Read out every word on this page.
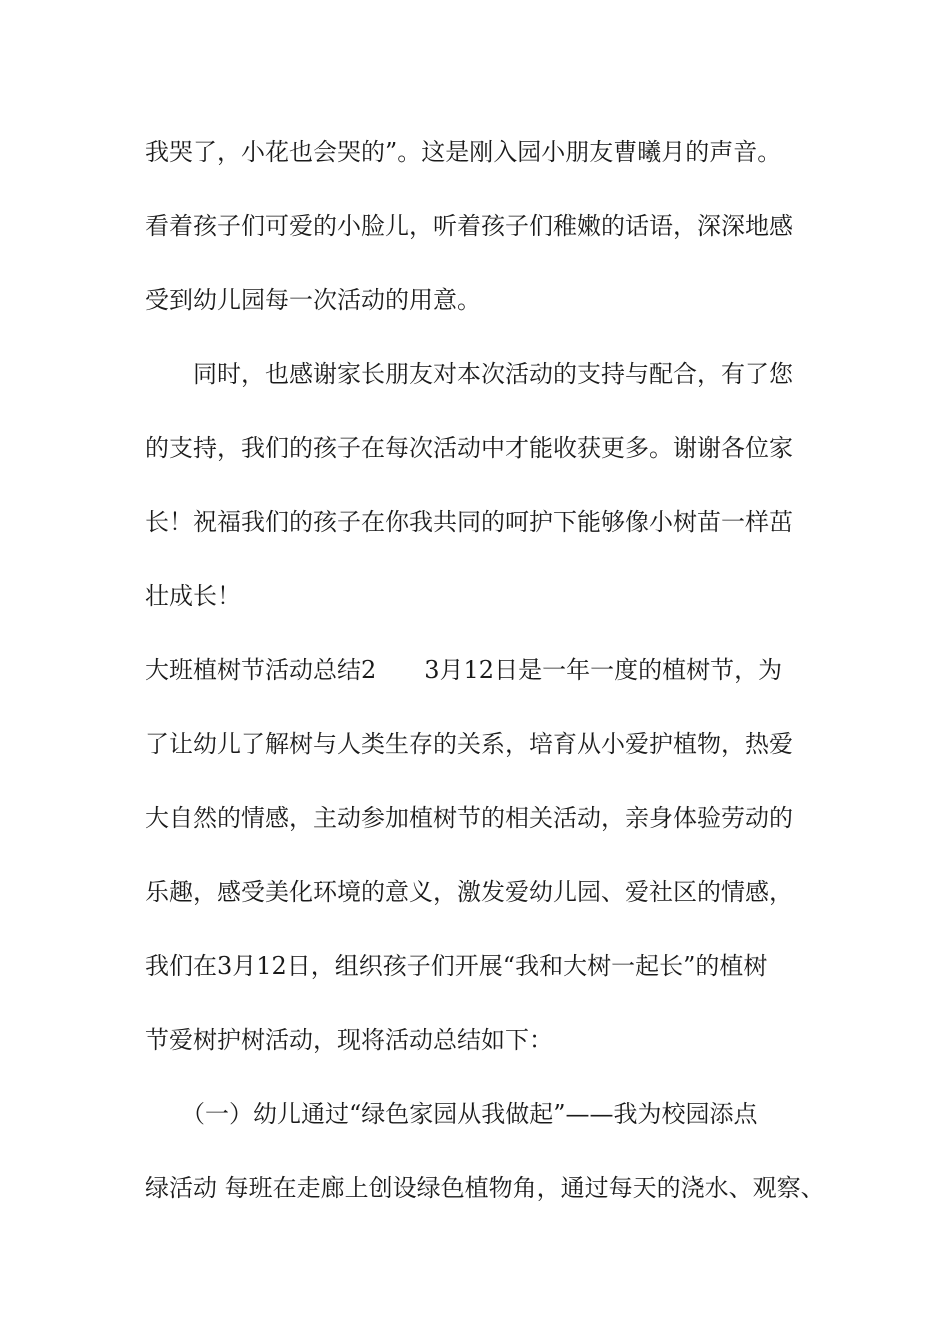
我哭了，小花也会哭的”。这是刚入园小朋友曹曦月的声音。
看着孩子们可爱的小脸儿，听着孩子们稚嫩的话语，深深地感
受到幼儿园每一次活动的用意。
　　同时，也感谢家长朋友对本次活动的支持与配合，有了您
的支持，我们的孩子在每次活动中才能收获更多。谢谢各位家
长！祝福我们的孩子在你我共同的呵护下能够像小树苗一样茁
壮成长！
大班植树节活动总结2　　3月12日是一年一度的植树节，为
了让幼儿了解树与人类生存的关系，培育从小爱护植物，热爱
大自然的情感，主动参加植树节的相关活动，亲身体验劳动的
乐趣，感受美化环境的意义，激发爱幼儿园、爱社区的情感，
我们在3月12日，组织孩子们开展“我和大树一起长”的植树
节爱树护树活动，现将活动总结如下：
　　（一）幼儿通过“绿色家园从我做起”——我为校园添点
绿活动 每班在走廊上创设绿色植物角，通过每天的浇水、观察、
